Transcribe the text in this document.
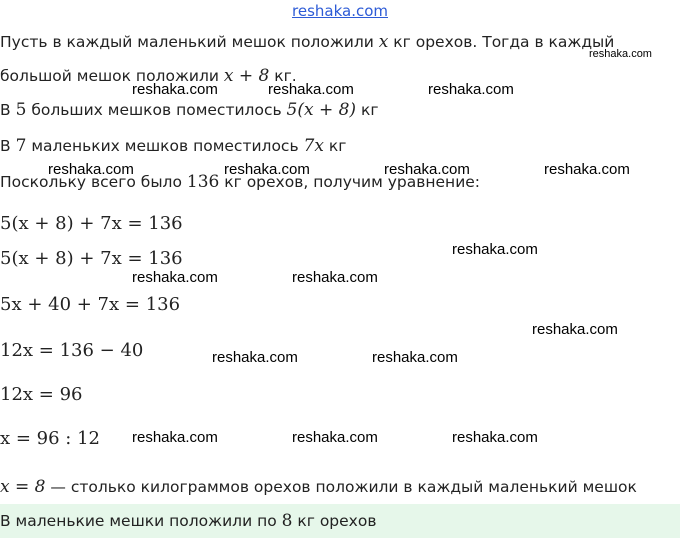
reshaka.com
Пусть в каждый маленький мешок положили x кг орехов. Тогда в каждый
большой мешок положили x + 8 кг.
В 5 больших мешков поместилось 5(x + 8) кг
В 7 маленьких мешков поместилось 7x кг
Поскольку всего было 136 кг орехов, получим уравнение:
5(x + 8) + 7x = 136
5(x + 8) + 7x = 136
5x + 40 + 7x = 136
12x = 136 − 40
12x = 96
x = 96 : 12
x = 8 — столько килограммов орехов положили в каждый маленький мешок
В маленькие мешки положили по 8 кг орехов
reshaka.com
reshaka.com	reshaka.com	reshaka.com
reshaka.com	reshaka.com	reshaka.com	reshaka.com
reshaka.com
reshaka.com	reshaka.com
reshaka.com
reshaka.com	reshaka.com
reshaka.com	reshaka.com	reshaka.com
